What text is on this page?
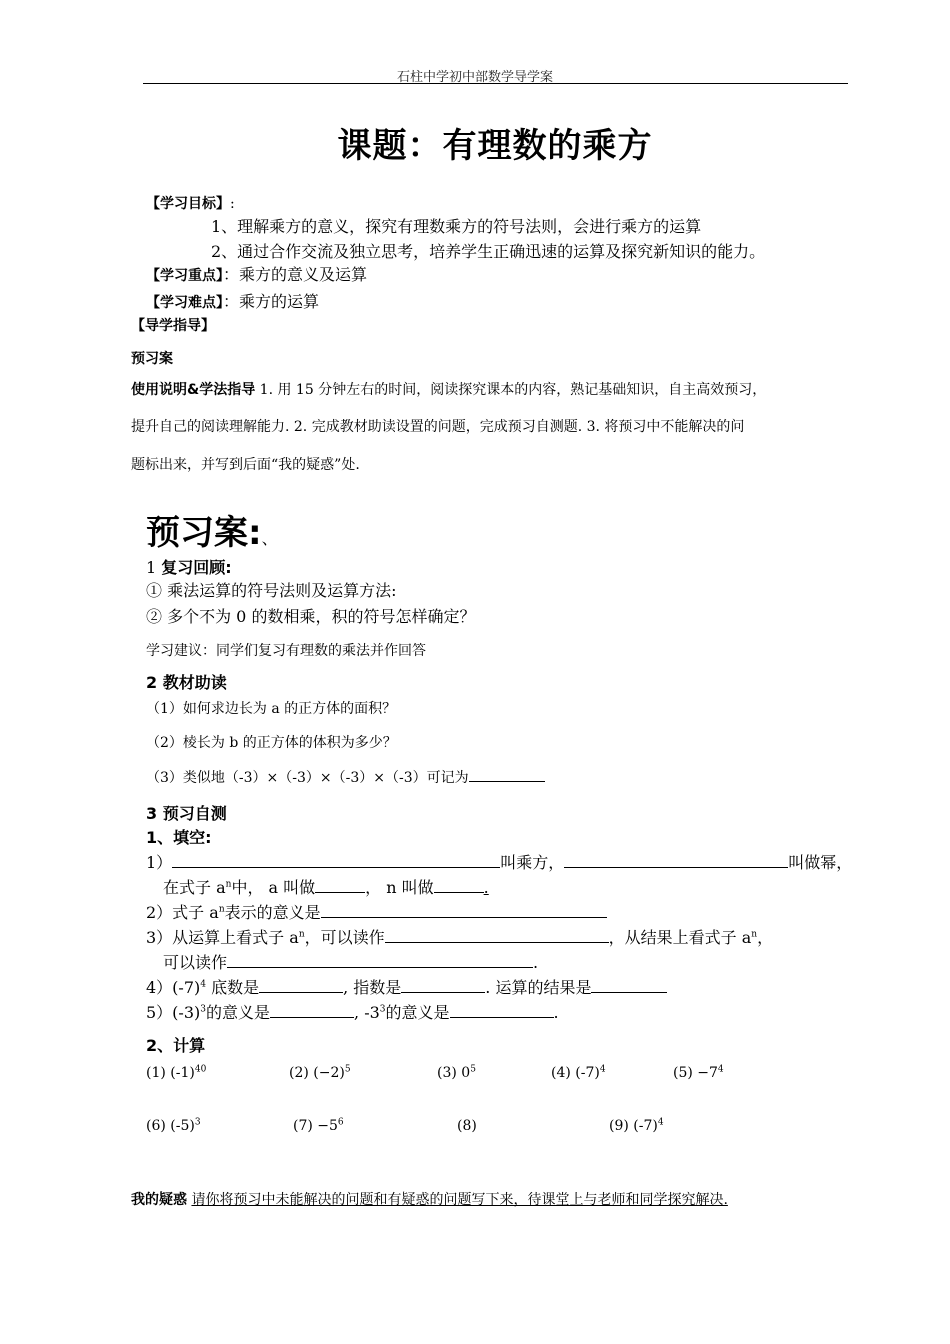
石柱中学初中部数学导学案
课题：有理数的乘方
【学习目标】:
1、理解乘方的意义，探究有理数乘方的符号法则，会进行乘方的运算
2、通过合作交流及独立思考，培养学生正确迅速的运算及探究新知识的能力。
【学习重点】：乘方的意义及运算
【学习难点】：乘方的运算
【导学指导】
预习案
使用说明&学法指导 1. 用 15 分钟左右的时间，阅读探究课本的内容，熟记基础知识，自主高效预习，
提升自己的阅读理解能力. 2. 完成教材助读设置的问题，完成预习自测题. 3. 将预习中不能解决的问
题标出来，并写到后面“我的疑惑”处.
预习案:、
1 复习回顾:
① 乘法运算的符号法则及运算方法:
② 多个不为 0 的数相乘，积的符号怎样确定？
学习建议：同学们复习有理数的乘法并作回答
2 教材助读
（1）如何求边长为 a 的正方体的面积？
（2）棱长为 b 的正方体的体积为多少？
（3）类似地（-3）×（-3）×（-3）×（-3）可记为
3 预习自测
1、填空:
1）	叫乘方，	叫做幂，
在式子 $a^n$中， a 叫做	， n 叫做	.
2）式子 $a^n$表示的意义是
3）从运算上看式子 $a^n$，可以读作	，从结果上看式子 $a^n$，
可以读作	.
$4)(-7)^4$ 底数是	, 指数是	. 运算的结果是
$5)(-3)^3$的意义是	, $-3^3$的意义是	.
2、计算
(1) $(-1)^{40}$	(2) $(-2)^5$	(3) $0^5$	(4) $(-7)^4$	$(5) -7^4$
(6) $(-5)^3$	$(7) -5^6$	(8)	(9) $(-7)^4$
我的疑惑 请你将预习中未能解决的问题和有疑惑的问题写下来，待课堂上与老师和同学探究解决.
